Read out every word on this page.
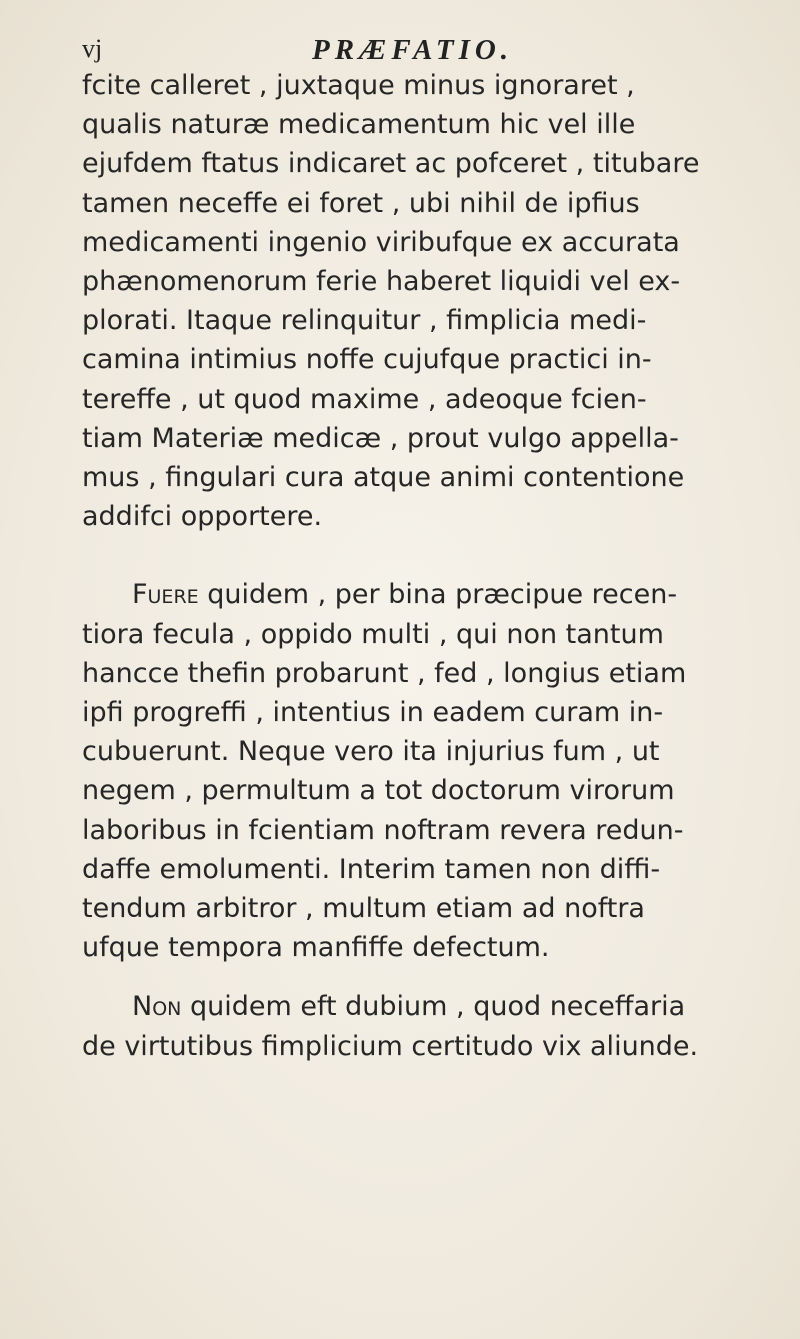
vj	PRÆFATIO.
fcite calleret , juxtaque minus ignoraret ,
qualis naturæ medicamentum hic vel ille
ejufdem ftatus indicaret ac pofceret , titubare
tamen neceffe ei foret , ubi nihil de ipfius
medicamenti ingenio viribufque ex accurata
phænomenorum ferie haberet liquidi vel ex-
plorati. Itaque relinquitur , fimplicia medi-
camina intimius noffe cujufque practici in-
tereffe , ut quod maxime , adeoque fcien-
tiam Materiæ medicæ , prout vulgo appella-
mus , fingulari cura atque animi contentione
addifci opportere.
Fuere quidem , per bina præcipue recen-
tiora fecula , oppido multi , qui non tantum
hancce thefin probarunt , fed , longius etiam
ipfi progreffi , intentius in eadem curam in-
cubuerunt. Neque vero ita injurius fum , ut
negem , permultum a tot doctorum virorum
laboribus in fcientiam noftram revera redun-
daffe emolumenti. Interim tamen non diffi-
tendum arbitror , multum etiam ad noftra
ufque tempora manfiffe defectum.
Non quidem eft dubium , quod neceffaria
de virtutibus fimplicium certitudo vix aliunde.
